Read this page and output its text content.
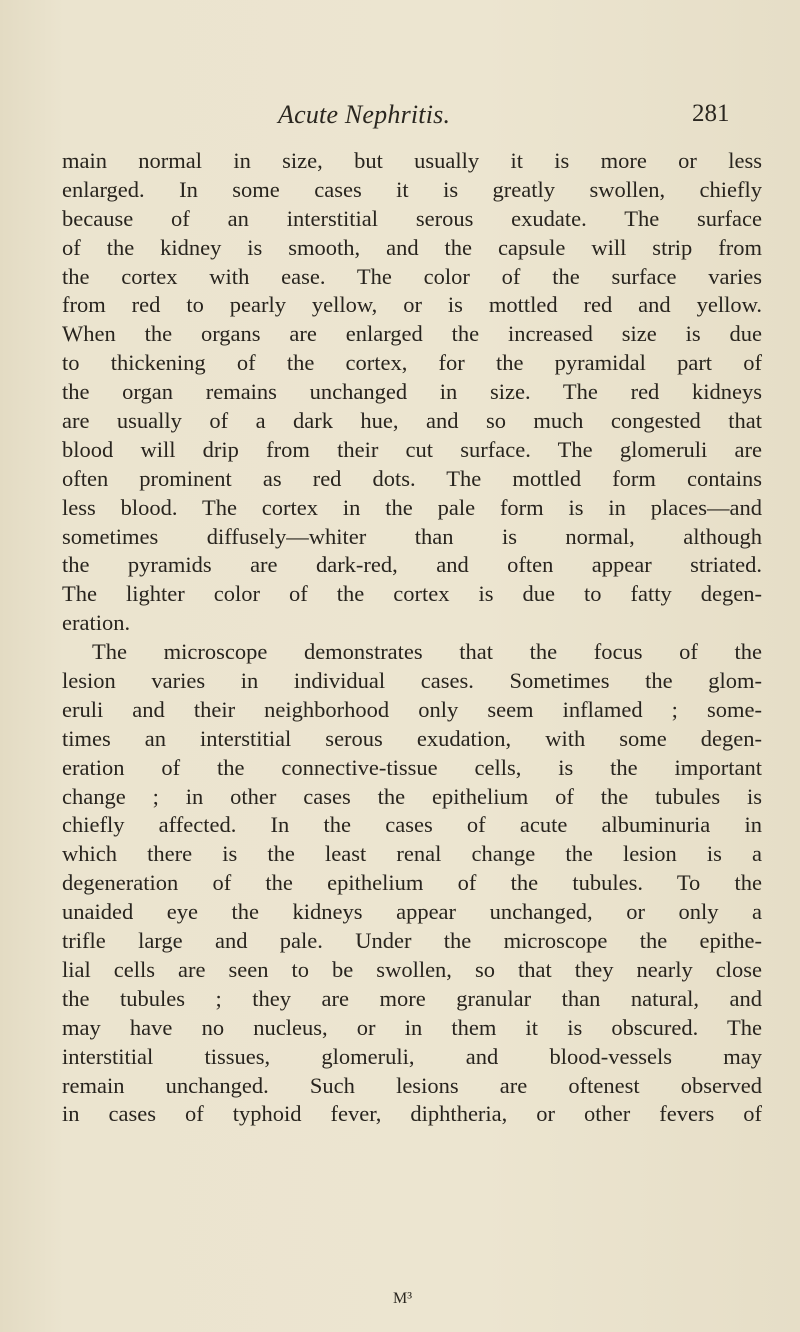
Acute Nephritis.	281
main normal in size, but usually it is more or less
enlarged. In some cases it is greatly swollen, chiefly
because of an interstitial serous exudate. The surface
of the kidney is smooth, and the capsule will strip from
the cortex with ease. The color of the surface varies
from red to pearly yellow, or is mottled red and yellow.
When the organs are enlarged the increased size is due
to thickening of the cortex, for the pyramidal part of
the organ remains unchanged in size. The red kidneys
are usually of a dark hue, and so much congested that
blood will drip from their cut surface. The glomeruli are
often prominent as red dots. The mottled form contains
less blood. The cortex in the pale form is in places—and
sometimes diffusely—whiter than is normal, although
the pyramids are dark-red, and often appear striated.
The lighter color of the cortex is due to fatty degen-
eration.
The microscope demonstrates that the focus of the
lesion varies in individual cases. Sometimes the glom-
eruli and their neighborhood only seem inflamed ; some-
times an interstitial serous exudation, with some degen-
eration of the connective-tissue cells, is the important
change ; in other cases the epithelium of the tubules is
chiefly affected. In the cases of acute albuminuria in
which there is the least renal change the lesion is a
degeneration of the epithelium of the tubules. To the
unaided eye the kidneys appear unchanged, or only a
trifle large and pale. Under the microscope the epithe-
lial cells are seen to be swollen, so that they nearly close
the tubules ; they are more granular than natural, and
may have no nucleus, or in them it is obscured. The
interstitial tissues, glomeruli, and blood-vessels may
remain unchanged. Such lesions are oftenest observed
in cases of typhoid fever, diphtheria, or other fevers of
M³
